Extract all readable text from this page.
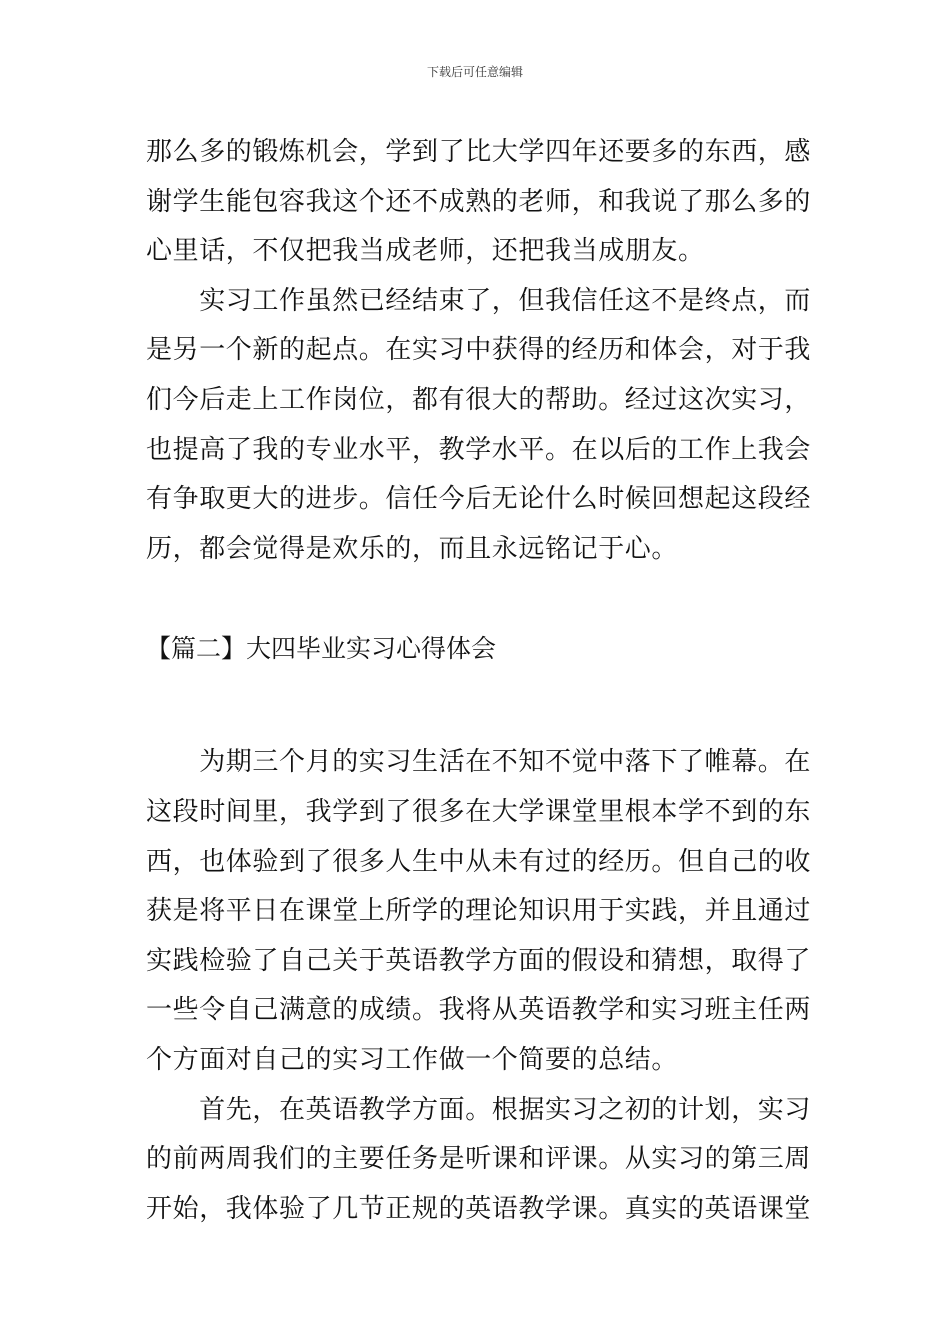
下载后可任意编辑
那么多的锻炼机会，学到了比大学四年还要多的东西，感
谢学生能包容我这个还不成熟的老师，和我说了那么多的
心里话，不仅把我当成老师，还把我当成朋友。
　　实习工作虽然已经结束了，但我信任这不是终点，而
是另一个新的起点。在实习中获得的经历和体会，对于我
们今后走上工作岗位，都有很大的帮助。经过这次实习，
也提高了我的专业水平，教学水平。在以后的工作上我会
有争取更大的进步。信任今后无论什么时候回想起这段经
历，都会觉得是欢乐的，而且永远铭记于心。
【篇二】大四毕业实习心得体会
　　为期三个月的实习生活在不知不觉中落下了帷幕。在
这段时间里，我学到了很多在大学课堂里根本学不到的东
西，也体验到了很多人生中从未有过的经历。但自己的收
获是将平日在课堂上所学的理论知识用于实践，并且通过
实践检验了自己关于英语教学方面的假设和猜想，取得了
一些令自己满意的成绩。我将从英语教学和实习班主任两
个方面对自己的实习工作做一个简要的总结。
　　首先，在英语教学方面。根据实习之初的计划，实习
的前两周我们的主要任务是听课和评课。从实习的第三周
开始，我体验了几节正规的英语教学课。真实的英语课堂
